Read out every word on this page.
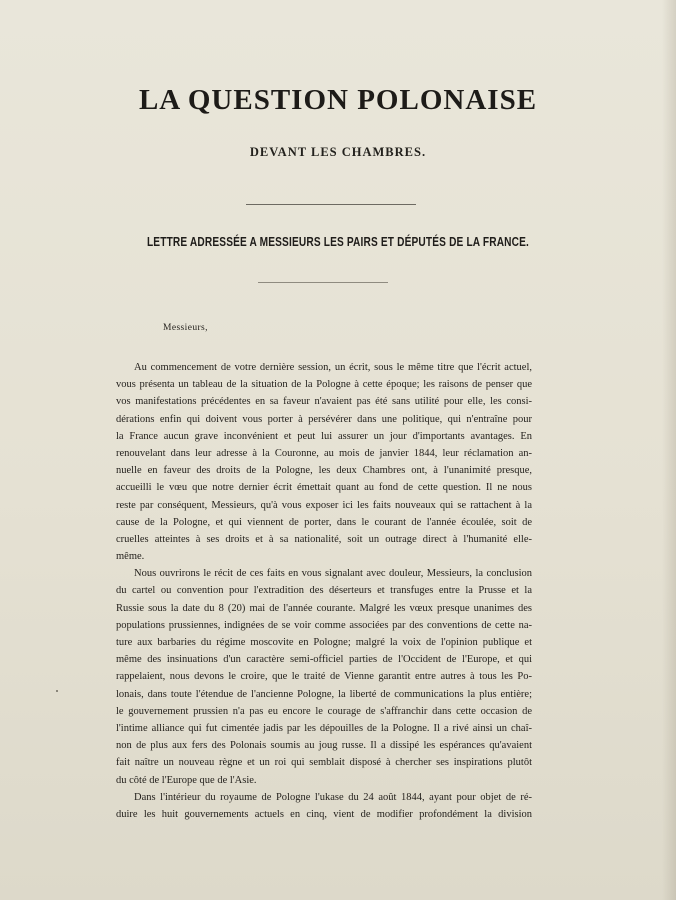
LA QUESTION POLONAISE
DEVANT LES CHAMBRES.
LETTRE ADRESSÉE A MESSIEURS LES PAIRS ET DÉPUTÉS DE LA FRANCE.
Messieurs,
Au commencement de votre dernière session, un écrit, sous le même titre que l'écrit actuel,
vous présenta un tableau de la situation de la Pologne à cette époque; les raisons de penser que
vos manifestations précédentes en sa faveur n'avaient pas été sans utilité pour elle, les consi-
dérations enfin qui doivent vous porter à persévérer dans une politique, qui n'entraîne pour
la France aucun grave inconvénient et peut lui assurer un jour d'importants avantages. En
renouvelant dans leur adresse à la Couronne, au mois de janvier 1844, leur réclamation an-
nuelle en faveur des droits de la Pologne, les deux Chambres ont, à l'unanimité presque,
accueilli le vœu que notre dernier écrit émettait quant au fond de cette question. Il ne nous
reste par conséquent, Messieurs, qu'à vous exposer ici les faits nouveaux qui se rattachent à la
cause de la Pologne, et qui viennent de porter, dans le courant de l'année écoulée, soit de
cruelles atteintes à ses droits et à sa nationalité, soit un outrage direct à l'humanité elle-
même.
Nous ouvrirons le récit de ces faits en vous signalant avec douleur, Messieurs, la conclusion
du cartel ou convention pour l'extradition des déserteurs et transfuges entre la Prusse et la
Russie sous la date du 8 (20) mai de l'année courante. Malgré les vœux presque unanimes des
populations prussiennes, indignées de se voir comme associées par des conventions de cette na-
ture aux barbaries du régime moscovite en Pologne; malgré la voix de l'opinion publique et
même des insinuations d'un caractère semi-officiel parties de l'Occident de l'Europe, et qui
rappelaient, nous devons le croire, que le traité de Vienne garantit entre autres à tous les Po-
lonais, dans toute l'étendue de l'ancienne Pologne, la liberté de communications la plus entière;
le gouvernement prussien n'a pas eu encore le courage de s'affranchir dans cette occasion de
l'intime alliance qui fut cimentée jadis par les dépouilles de la Pologne. Il a rivé ainsi un chaî-
non de plus aux fers des Polonais soumis au joug russe. Il a dissipé les espérances qu'avaient
fait naître un nouveau règne et un roi qui semblait disposé à chercher ses inspirations plutôt
du côté de l'Europe que de l'Asie.
Dans l'intérieur du royaume de Pologne l'ukase du 24 août 1844, ayant pour objet de ré-
duire les huit gouvernements actuels en cinq, vient de modifier profondément la division
